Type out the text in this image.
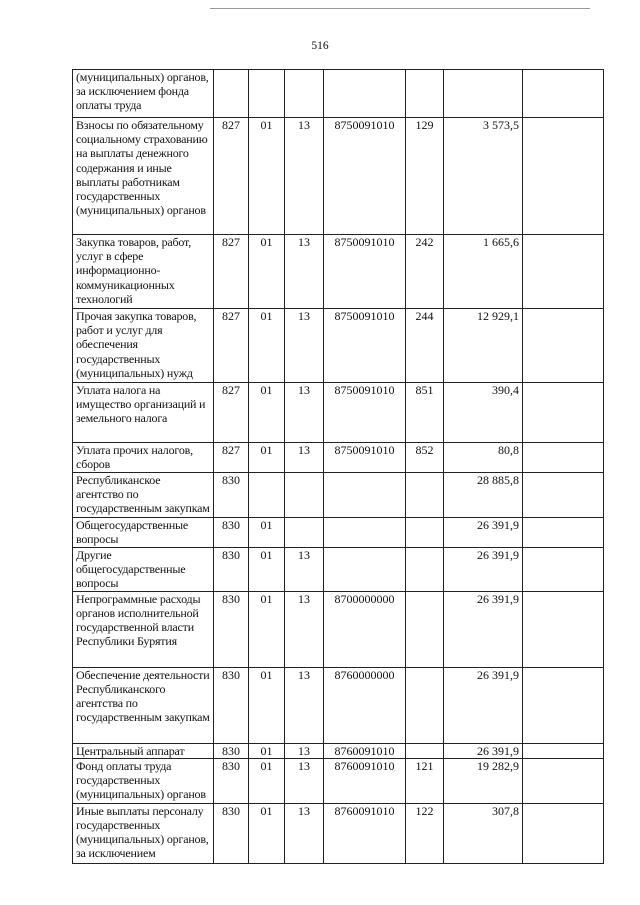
516

(муниципальных) органов, за исключением фонда оплаты труда							
Взносы по обязательному социальному страхованию на выплаты денежного содержания и иные выплаты работникам государственных (муниципальных) органов	827	01	13	8750091010	129	3 573,5	
Закупка товаров, работ, услуг в сфере информационно-коммуникационных технологий	827	01	13	8750091010	242	1 665,6	
Прочая закупка товаров, работ и услуг для обеспечения государственных (муниципальных) нужд	827	01	13	8750091010	244	12 929,1	
Уплата налога на имущество организаций и земельного налога	827	01	13	8750091010	851	390,4	
Уплата прочих налогов, сборов	827	01	13	8750091010	852	80,8	
Республиканское агентство по государственным закупкам	830					28 885,8	
Общегосударственные вопросы	830	01				26 391,9	
Другие общегосударственные вопросы	830	01	13			26 391,9	
Непрограммные расходы органов исполнительной государственной власти Республики Бурятия	830	01	13	8700000000		26 391,9	
Обеспечение деятельности Республиканского агентства по государственным закупкам	830	01	13	8760000000		26 391,9	
Центральный аппарат	830	01	13	8760091010		26 391,9	
Фонд оплаты труда государственных (муниципальных) органов	830	01	13	8760091010	121	19 282,9	
Иные выплаты персоналу государственных (муниципальных) органов, за исключением	830	01	13	8760091010	122	307,8	
